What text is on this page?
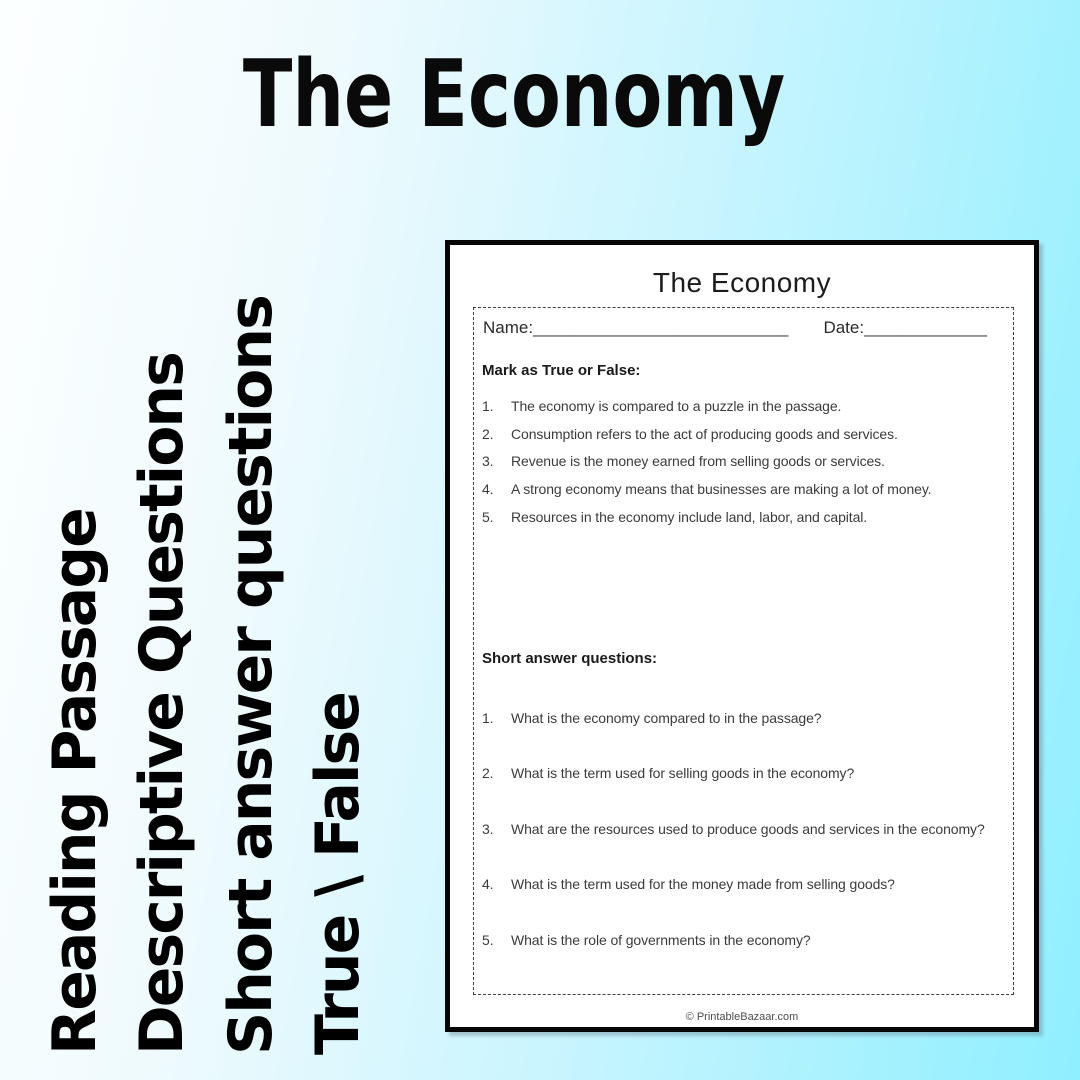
The Economy
Reading Passage Descriptive Questions Short answer questions True \ False
The Economy
Name:___________________________ Date:_____________
Mark as True or False:
1.	The economy is compared to a puzzle in the passage.
2.	Consumption refers to the act of producing goods and services.
3.	Revenue is the money earned from selling goods or services.
4.	A strong economy means that businesses are making a lot of money.
5.	Resources in the economy include land, labor, and capital.
Short answer questions:
1.	What is the economy compared to in the passage?
2.	What is the term used for selling goods in the economy?
3.	What are the resources used to produce goods and services in the economy?
4.	What is the term used for the money made from selling goods?
5.	What is the role of governments in the economy?
© PrintableBazaar.com
